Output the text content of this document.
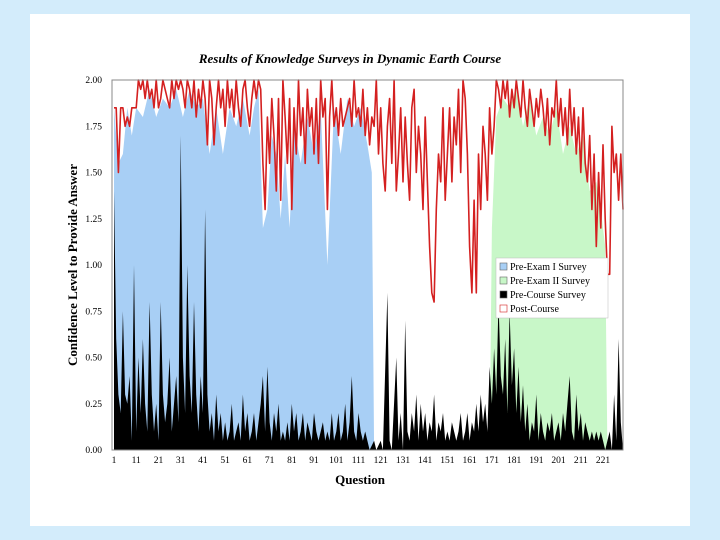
Results of Knowledge Surveys in Dynamic Earth Course
0.00
0.25
0.50
0.75
1.00
1.25
1.50
1.75
2.00
1 11 21 31 41 51 61 71 81 91 101 111 121 131 141 151 161 171 181 191 201 211 221
Question
Confidence Level to Provide Answer	Pre-Exam I Survey
Pre-Exam II Survey
Pre-Course Survey
Post-Course
